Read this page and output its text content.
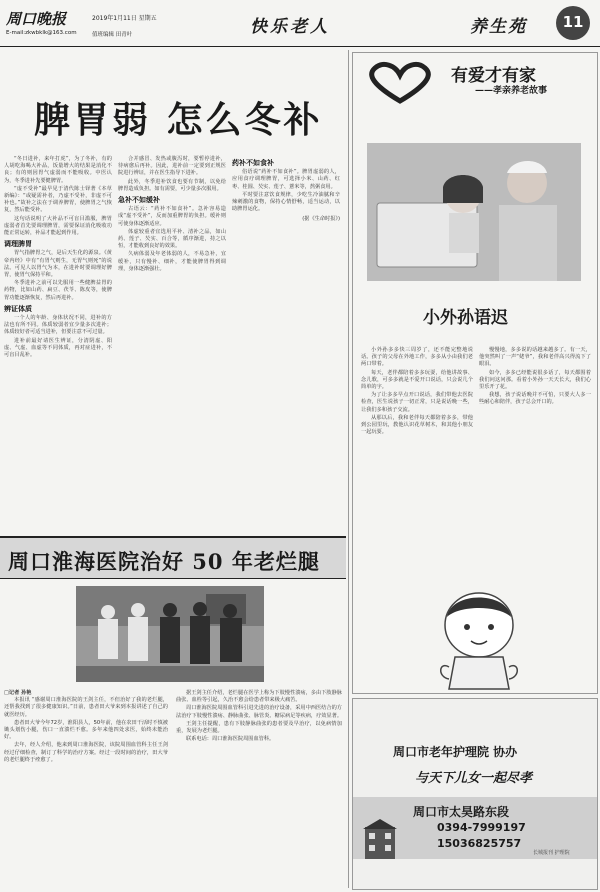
周口晚报	2019年1月11日 星期五
E-mail:zkwbklk@163.com	值班编辑 田青叶	快乐老人	养生苑	11
脾胃弱 怎么冬补

“冬日进补，来年打虎”，为了冬补，有的人胡吃海喝大补品，饭量增大的结果是消化不良；有的则因胃气虚弱而不能吸收。中医认为，冬季进补先要健脾胃。

“虚不受补”最早见于清代陈士铎著《本草新编》：“或疑需补者，乃虚不受补，非虚不可补也。”故补之法在于调养脾胃，使脾胃之气恢复，然后能受补。

这句话说明了大补品不可盲目滥服，脾胃虚弱者首先要调理脾胃，需要保证消化吸收功能正常运转，补品才能起到作用。

调理脾胃

胃气指脾胃之气，是后天生化的源泉。《黄帝内经》中有“有胃气则生，无胃气则死”的说法。可见人以胃气为本，在进补时要调理好脾胃，使胃气保持平和。

冬季进补之前可以先服用一些健脾益胃的药物，比如山药、扁豆、茯苓、陈皮等，使脾胃功能逐渐恢复，然后再进补。

辨证体质

一个人的年龄、身体状况不同，进补的方法也有所不同。体质较弱者宜少量多次进补；体质较好者可适当进补，但要注意不可过量。

进补前最好请医生辨证，分清阴虚、阳虚、气虚、血虚等不同体质，再对症进补，不可盲目乱补。

合并感冒、发热或腹泻时，要暂停进补，待病愈后再补。因此，进补前一定要到正规医院进行辨证，并在医生指导下进补。

此外，冬季进补饮食也要有节制，以免给脾胃造成负担。如有需要，可少量多次服用。

急补不如缓补

古语云：“药补不如食补”。急补容易造成“虚不受补”，反而加重脾胃的负担。缓补则可使身体逐渐适应。

体虚较重者宜选用平补、清补之品，如山药、莲子、芡实、百合等，循序渐进，持之以恒，才能收到良好的效果。

久病体弱及年老体弱的人，不易急补，宜缓补，只有慢补、细补，才能使脾胃得到调理，身体逐渐强壮。

药补不如食补

俗语说“药补不如食补”。脾胃虚弱的人，应用食疗调理脾胃，可选择小米、山药、红枣、桂圆、芡实、莲子、薏米等，熬粥食用。

平时要注意饮食规律，少吃生冷油腻和辛辣刺激的食物，保持心情舒畅，适当运动，以助脾胃运化。

(据《生命时报》)
周口淮海医院治好 50 年老烂腿
□记者 孙艳

本报讯 “感谢周口淮海医院的王剑主任，不但治好了我的老烂腿，还帮我找到了很多健康知识。”日前，患者田大爷来到本报讲述了自己的就医经历。

患者田大爷今年72岁，淮阳县人，50年前，他在农田干活时不慎被锄头划伤小腿，伤口一直溃烂不愈。多年来他四处求医，始终未能治好。

去年，经人介绍，他来到周口淮海医院，该院周围血管科主任王剑经过仔细检查，制订了科学的治疗方案。经过一段时间的治疗，田大爷的老烂腿终于痊愈了。

据王剑主任介绍，老烂腿在医学上称为下肢慢性溃疡，多由下肢静脉曲张、血栓等引起，久治不愈会给患者带来极大痛苦。

周口淮海医院周围血管科引进先进的治疗设备，采用中西医结合的方法治疗下肢慢性溃疡、静脉曲张、脉管炎、糖尿病足等疾病，疗效显著。

王剑主任提醒，患有下肢静脉曲张的患者要及早治疗，以免病情加重，发展为老烂腿。

联系电话：周口淮海医院周围血管科。

有爱才有家
——孝亲养老故事
小外孙语迟

小外孙多多快三周岁了，还不能完整地说话。孩子的父母在外地工作，多多从小由我们老两口带着。

每天，老伴都陪着多多玩耍，给他讲故事、念儿歌，可多多就是不爱开口说话，只会说几个简单的字。

为了让多多早点开口说话，我们带他去医院检查，医生说孩子一切正常，只是说话晚一些，让我们多和孩子交流。

从那以后，我和老伴每天都陪着多多，带他到公园里玩，教他认识花草树木，和其他小朋友一起玩耍。

慢慢地，多多说的话越来越多了。有一天，他突然叫了一声“姥爷”，我和老伴高兴得流下了眼泪。

如今，多多已经能说很多话了，每天都围着我们问这问那。看着小外孙一天天长大，我们心里乐开了花。

我想，孩子说话晚并不可怕，只要大人多一些耐心和陪伴，孩子总会开口的。

周口市老年护理院 协办
与天下儿女一起尽孝
周口市太昊路东段
0394-7999197
15036825757
长城报刊 护理院
